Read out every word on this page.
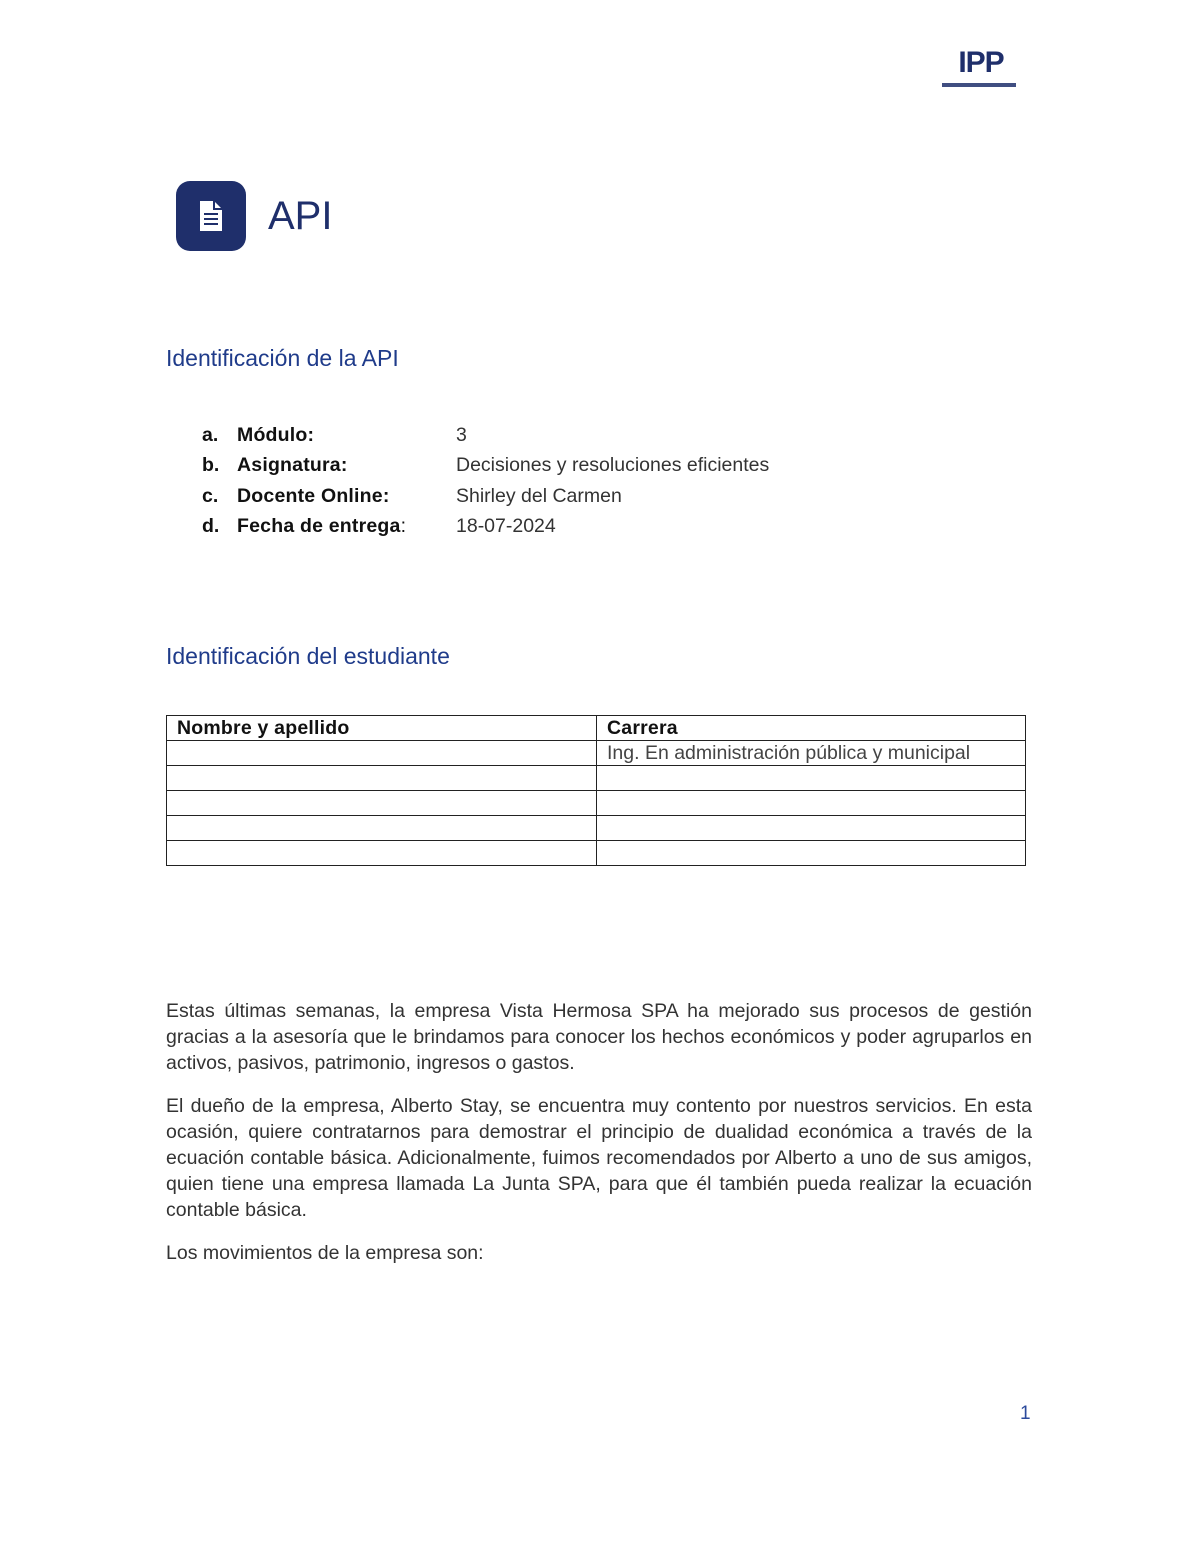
IPP
API
Identificación de la API
a. Módulo:	3
b. Asignatura:	Decisiones y resoluciones eficientes
c. Docente Online:	Shirley del Carmen
d. Fecha de entrega:	18-07-2024
Identificación del estudiante
Nombre y apellido	Carrera
	Ing. En administración pública y municipal

Estas últimas semanas, la empresa Vista Hermosa SPA ha mejorado sus procesos de gestión gracias a la asesoría que le brindamos para conocer los hechos económicos y poder agruparlos en activos, pasivos, patrimonio, ingresos o gastos.

El dueño de la empresa, Alberto Stay, se encuentra muy contento por nuestros servicios. En esta ocasión, quiere contratarnos para demostrar el principio de dualidad económica a través de la ecuación contable básica. Adicionalmente, fuimos recomendados por Alberto a uno de sus amigos, quien tiene una empresa llamada La Junta SPA, para que él también pueda realizar la ecuación contable básica.

Los movimientos de la empresa son:

1
